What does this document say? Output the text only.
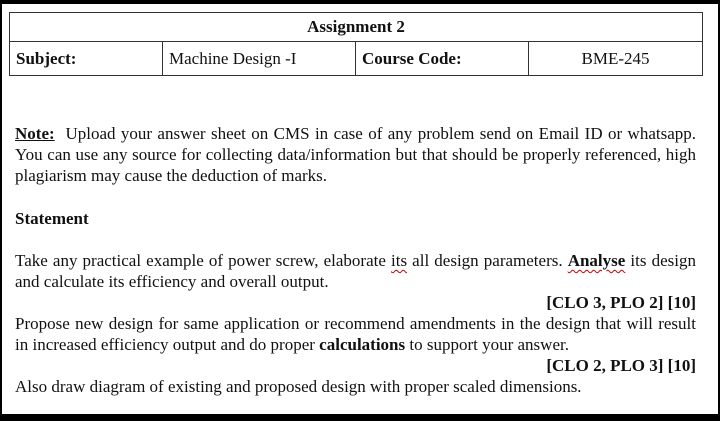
Assignment 2
Subject:	Machine Design -I	Course Code:	BME-245
Note: Upload your answer sheet on CMS in case of any problem send on Email ID or whatsapp. You can use any source for collecting data/information but that should be properly referenced, high plagiarism may cause the deduction of marks.
Statement
Take any practical example of power screw, elaborate its all design parameters. Analyse its design and calculate its efficiency and overall output.
[CLO 3, PLO 2] [10]
Propose new design for same application or recommend amendments in the design that will result in increased efficiency output and do proper calculations to support your answer.
[CLO 2, PLO 3] [10]
Also draw diagram of existing and proposed design with proper scaled dimensions.
